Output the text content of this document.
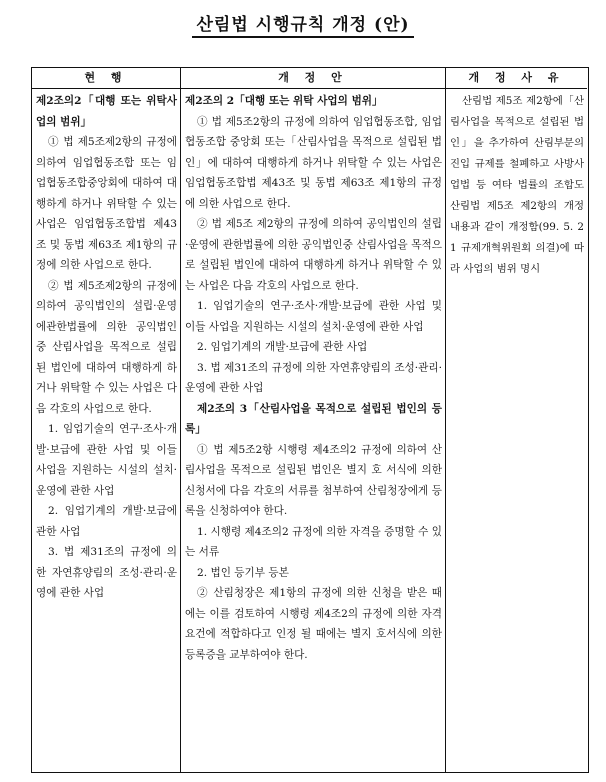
산림법 시행규칙 개정 (안)
현 행

제2조의2「대행 또는 위탁사업의 범위」

① 법 제5조제2항의 규정에 의하여 임업협동조합 또는 임업협동조합중앙회에 대하여 대행하게 하거나 위탁할 수 있는 사업은 임업협동조합법 제43조 및 동법 제63조 제1항의 규정에 의한 사업으로 한다.

② 법 제5조제2항의 규정에 의하여 공익법인의 설립·운영에관한법률에 의한 공익법인 중 산림사업을 목적으로 설립된 법인에 대하여 대행하게 하거나 위탁할 수 있는 사업은 다음 각호의 사업으로 한다.

1. 임업기술의 연구·조사·개발·보급에 관한 사업 및 이들 사업을 지원하는 시설의 설치·운영에 관한 사업

2. 임업기계의 개발·보급에 관한 사업

3. 법 제31조의 규정에 의한 자연휴양림의 조성·관리·운영에 관한 사업

개 정 안

제2조의 2「대행 또는 위탁 사업의 범위」

① 법 제5조2항의 규정에 의하여 임업협동조합, 임업협동조합 중앙회 또는「산림사업을 목적으로 설립된 법인」에 대하여 대행하게 하거나 위탁할 수 있는 사업은 임업협동조합법 제43조 및 동법 제63조 제1항의 규정에 의한 사업으로 한다.

② 법 제5조 제2항의 규정에 의하여 공익법인의 설립·운영에 관한법률에 의한 공익법인중 산림사업을 목적으로 설립된 법인에 대하여 대행하게 하거나 위탁할 수 있는 사업은 다음 각호의 사업으로 한다.

1. 임업기술의 연구·조사·개발·보급에 관한 사업 및 이들 사업을 지원하는 시설의 설치·운영에 관한 사업

2. 임업기계의 개발·보급에 관한 사업

3. 법 제31조의 규정에 의한 자연휴양림의 조성·관리·운영에 관한 사업

제2조의 3「산림사업을 목적으로 설립된 법인의 등록」

① 법 제5조2항 시행령 제4조의2 규정에 의하여 산림사업을 목적으로 설립된 법인은 별지 호 서식에 의한 신청서에 다음 각호의 서류를 첨부하여 산림청장에게 등록을 신청하여야 한다.

1. 시행령 제4조의2 규정에 의한 자격을 증명할 수 있는 서류

2. 법인 등기부 등본

② 산림청장은 제1항의 규정에 의한 신청을 받은 때에는 이를 검토하여 시행령 제4조2의 규정에 의한 자격 요건에 적합하다고 인정 될 때에는 별지 호서식에 의한 등록증을 교부하여야 한다.

개 정 사 유

산림법 제5조 제2항에「산림사업을 목적으로 설립된 법인」을 추가하여 산림부문의 진입 규제를 철폐하고 사방사업법 등 여타 법률의 조합도 산림법 제5조 제2항의 개정 내용과 같이 개정함(99. 5. 21 규제개혁위원회 의결)에 따라 사업의 범위 명시
